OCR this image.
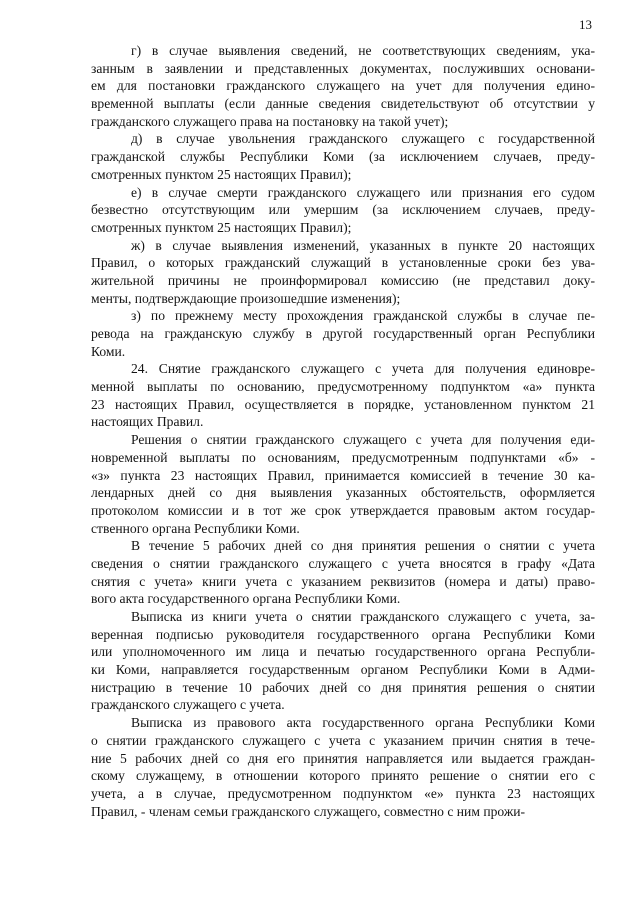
13
г) в случае выявления сведений, не соответствующих сведениям, ука-
занным в заявлении и представленных документах, послуживших основани-
ем для постановки гражданского служащего на учет для получения едино-
временной выплаты (если данные сведения свидетельствуют об отсутствии у
гражданского служащего права на постановку на такой учет);
д) в случае увольнения гражданского служащего с государственной
гражданской службы Республики Коми (за исключением случаев, преду-
смотренных пунктом 25 настоящих Правил);
е) в случае смерти гражданского служащего или признания его судом
безвестно отсутствующим или умершим (за исключением случаев, преду-
смотренных пунктом 25 настоящих Правил);
ж) в случае выявления изменений, указанных в пункте 20 настоящих
Правил, о которых гражданский служащий в установленные сроки без ува-
жительной причины не проинформировал комиссию (не представил доку-
менты, подтверждающие произошедшие изменения);
з) по прежнему месту прохождения гражданской службы в случае пе-
ревода на гражданскую службу в другой государственный орган Республики
Коми.
24. Снятие гражданского служащего с учета для получения единовре-
менной выплаты по основанию, предусмотренному подпунктом «а» пункта
23 настоящих Правил, осуществляется в порядке, установленном пунктом 21
настоящих Правил.
Решения о снятии гражданского служащего с учета для получения еди-
новременной выплаты по основаниям, предусмотренным подпунктами «б» -
«з» пункта 23 настоящих Правил, принимается комиссией в течение 30 ка-
лендарных дней со дня выявления указанных обстоятельств, оформляется
протоколом комиссии и в тот же срок утверждается правовым актом государ-
ственного органа Республики Коми.
В течение 5 рабочих дней со дня принятия решения о снятии с учета
сведения о снятии гражданского служащего с учета вносятся в графу «Дата
снятия с учета» книги учета с указанием реквизитов (номера и даты) право-
вого акта государственного органа Республики Коми.
Выписка из книги учета о снятии гражданского служащего с учета, за-
веренная подписью руководителя государственного органа Республики Коми
или уполномоченного им лица и печатью государственного органа Республи-
ки Коми, направляется государственным органом Республики Коми в Адми-
нистрацию в течение 10 рабочих дней со дня принятия решения о снятии
гражданского служащего с учета.
Выписка из правового акта государственного органа Республики Коми
о снятии гражданского служащего с учета с указанием причин снятия в тече-
ние 5 рабочих дней со дня его принятия направляется или выдается граждан-
скому служащему, в отношении которого принято решение о снятии его с
учета, а в случае, предусмотренном подпунктом «е» пункта 23 настоящих
Правил, - членам семьи гражданского служащего, совместно с ним прожи-
